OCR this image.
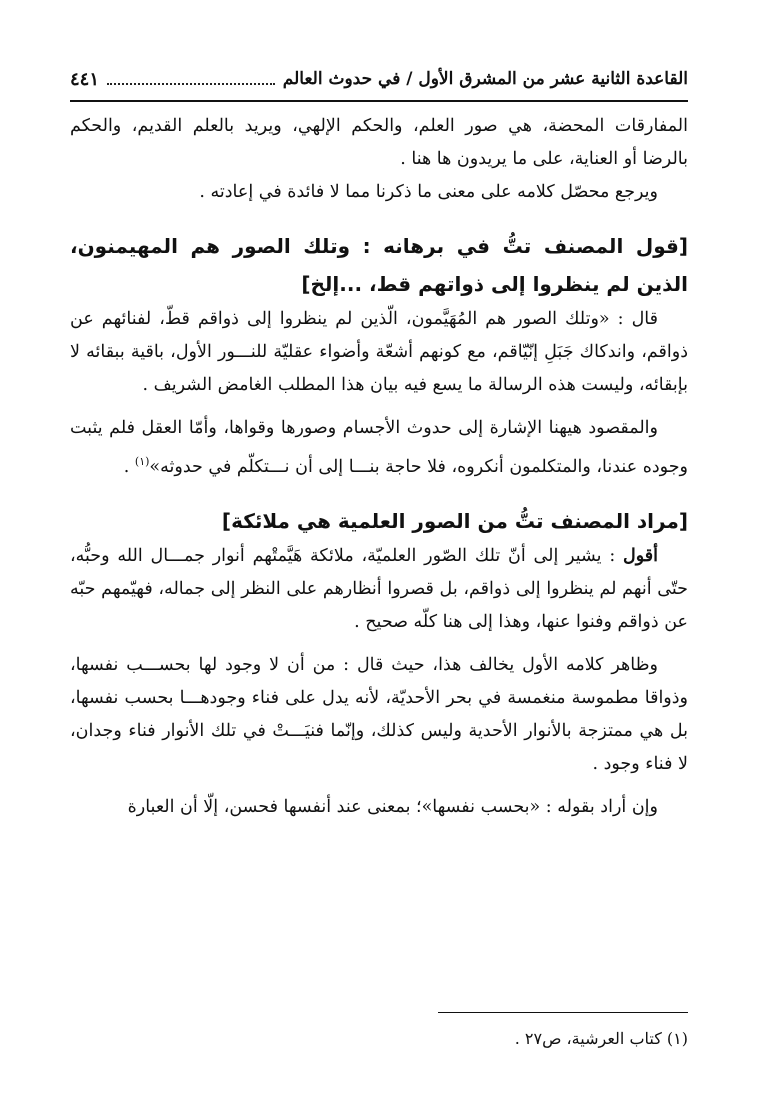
القاعدة الثانية عشر من المشرق الأول / في حدوث العالم
٤٤١

المفارقات المحضة، هي صور العلم، والحكم الإلهي، ويريد بالعلم القديم، والحكم بالرضا أو العناية، على ما يريدون ها هنا .

ويرجع محصّل كلامه على معنى ما ذكرنا مما لا فائدة في إعادته .

[قول المصنف تتُّ في برهانه : وتلك الصور هم المهيمنون، الذين لم ينظروا إلى ذواتهم قط، ...إلخ]

قال : «وتلك الصور هم المُهَيَّمون، الّذين لم ينظروا إلى ذواقم قطّ، لفنائهم عن ذواقم، واندكاك جَبَلِ إنّيّاقم، مع كونهم أشعّة وأضواء عقليّة للنـــور الأول، باقية ببقائه لا بإبقائه، وليست هذه الرسالة ما يسع فيه بيان هذا المطلب الغامض الشريف .

والمقصود هيهنا الإشارة إلى حدوث الأجسام وصورها وقواها، وأمّا العقل فلم يثبت وجوده عندنا، والمتكلمون أنكروه، فلا حاجة بنـــا إلى أن نـــتكلّم في حدوثه»$^{(١)}$ .

[مراد المصنف تتُّ من الصور العلمية هي ملائكة]

أقول : يشير إلى أنّ تلك الصّور العلميّة، ملائكة هَيَّمتْهم أنوار جمـــال الله وحبُّه، حتّى أنهم لم ينظروا إلى ذواقم، بل قصروا أنظارهم على النظر إلى جماله، فهيّمهم حبّه عن ذواقم وفنوا عنها، وهذا إلى هنا كلّه صحيح .

وظاهر كلامه الأول يخالف هذا، حيث قال : من أن لا وجود لها بحســـب نفسها، وذواقا مطموسة منغمسة في بحر الأحديّة، لأنه يدل على فناء وجودهـــا بحسب نفسها، بل هي ممتزجة بالأنوار الأحدية وليس كذلك، وإنّما فنيَـــتْ في تلك الأنوار فناء وجدان، لا فناء وجود .

وإن أراد بقوله : «بحسب نفسها»؛ بمعنى عند أنفسها فحسن، إلّا أن العبارة

(١) كتاب العرشية، ص٢٧ .
